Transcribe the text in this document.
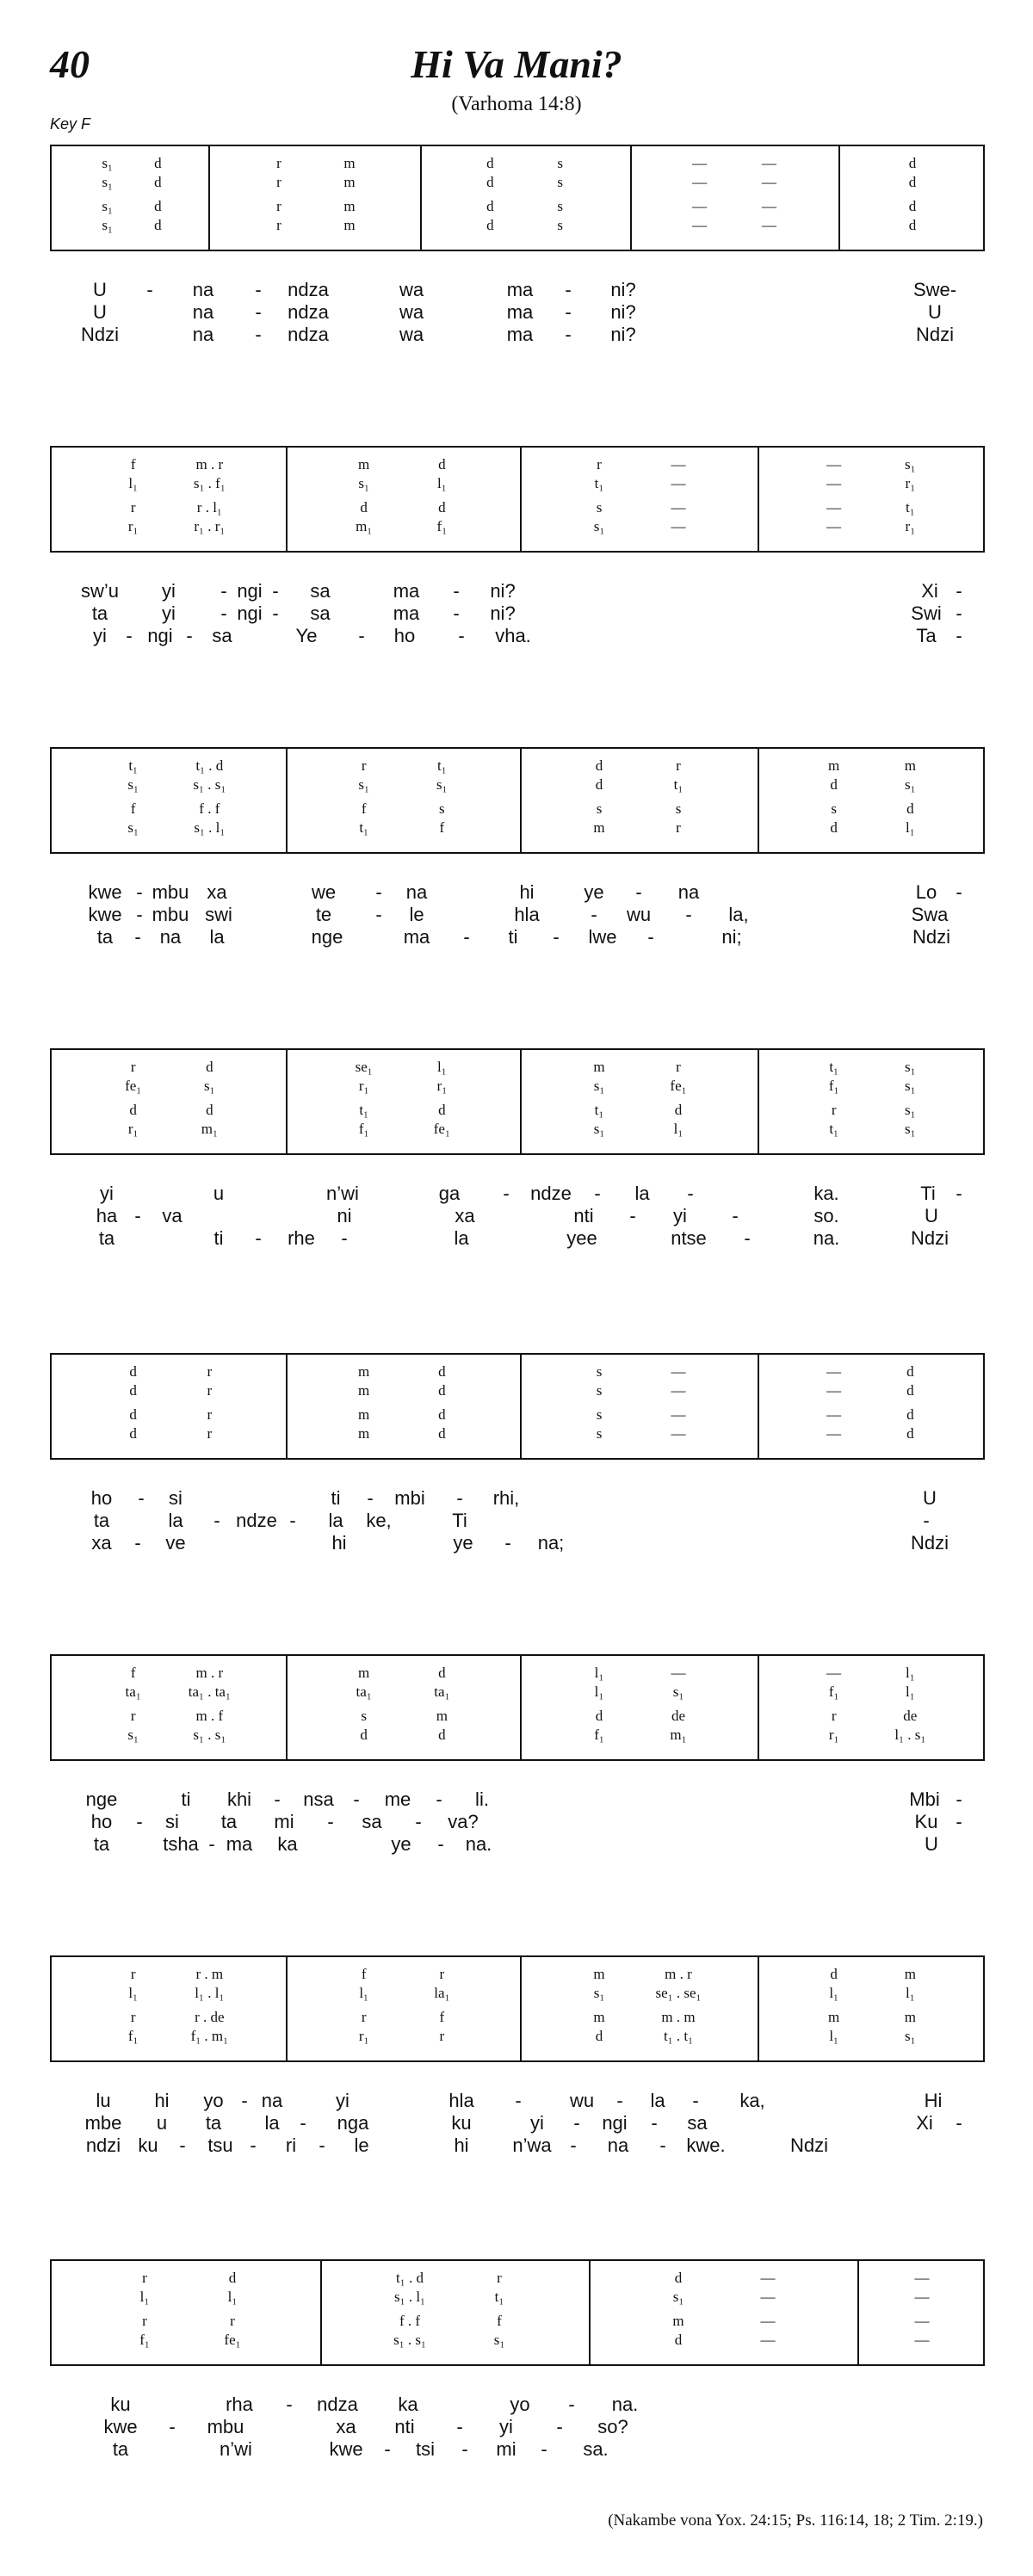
40	Hi Va Mani?
(Varhoma 14:8)
Key F
s₁	d	r	m	d	s	—	—	d
s₁	d	r	m	d	s	—	—	d
s₁	d	r	m	d	s	—	—	d
s₁	d	r	m	d	s	—	—	d
U - na - ndza	wa	ma - ni?	Swe-
U	na - ndza	wa	ma - ni?	U
Ndzi	na - ndza	wa	ma - ni?	Ndzi
f	m . r	m	d	r	—	—	s₁
l₁	s₁ . f₁	s₁	l₁	t₁	—	—	r₁
r	r . l₁	d	d	s	—	—	t₁
r₁	r₁ . r₁	m₁	f₁	s₁	—	—	r₁
sw’u yi - ngi - sa	ma - ni?	Xi -
ta	yi - ngi - sa	ma - ni?	Swi -
yi - ngi - sa	Ye - ho - vha.	Ta -
t₁	t₁ . d	r	t₁	d	r	m	m
s₁	s₁ . s₁	s₁	s₁	d	t₁	d	s₁
f	f . f	f	s	s	s	s	d
s₁	s₁ . l₁	t₁	f	m	r	d	l₁
kwe - mbu xa	we - na	hi	ye - na	Lo -
kwe - mbu swi	te - le	hla	- wu - la,	Swa
ta - na la	nge	ma - ti - lwe -	ni;	Ndzi
r	d	se₁	l₁	m	r	t₁	s₁
fe₁	s₁	r₁	r₁	s₁	fe₁	f₁	s₁
d	d	t₁	d	t₁	d	r	s₁
r₁	m₁	f₁	fe₁	s₁	l₁	t₁	s₁
yi	u	n’wi	ga - ndze - la -	ka.	Ti -
ha - va	ni	xa	nti - yi -	so.	U
ta	ti - rhe -	la	yee	ntse -	na.	Ndzi
d	r	m	d	s	—	—	d
d	r	m	d	s	—	—	d
d	r	m	d	s	—	—	d
d	r	m	d	s	—	—	d
ho - si	ti - mbi - rhi,	U
ta	la - ndze - la ke,	Ti	-
xa - ve	hi	ye - na;	Ndzi
f	m . r	m	d	l₁	—	—	l₁
ta₁	ta₁ . ta₁	ta₁	ta₁	l₁	s₁	f₁	l₁
r	m . f	s	m	d	de	r	de
s₁	s₁ . s₁	d	d	f₁	m₁	r₁	l₁ . s₁
nge	ti khi - nsa - me - li.	Mbi -
ho - si ta mi - sa - va?	Ku -
ta	tsha - ma ka	ye - na.	U
r	r . m	f	r	m	m . r	d	m
l₁	l₁ . l₁	l₁	la₁	s₁	se₁ . se₁	l₁	l₁
r	r . de	r	f	m	m . m	m	m
f₁	f₁ . m₁	r₁	r	d	t₁ . t₁	l₁	s₁
lu hi yo - na	yi	hla -	wu - la - ka,	Hi
mbe u ta la - nga	ku	yi - ngi - sa	Xi -
ndzi ku - tsu - ri - le	hi n’wa - na - kwe.	Ndzi
r	d	t₁ . d	r	d	—	—
l₁	l₁	s₁ . l₁	t₁	s₁	—	—
r	r	f . f	f	m	—	—
f₁	fe₁	s₁ . s₁	s₁	d	—	—
ku	rha - ndza ka	yo - na.
kwe - mbu	xa nti - yi - so?
ta	n’wi	kwe - tsi - mi - sa.
(Nakambe vona Yox. 24:15; Ps. 116:14, 18; 2 Tim. 2:19.)
